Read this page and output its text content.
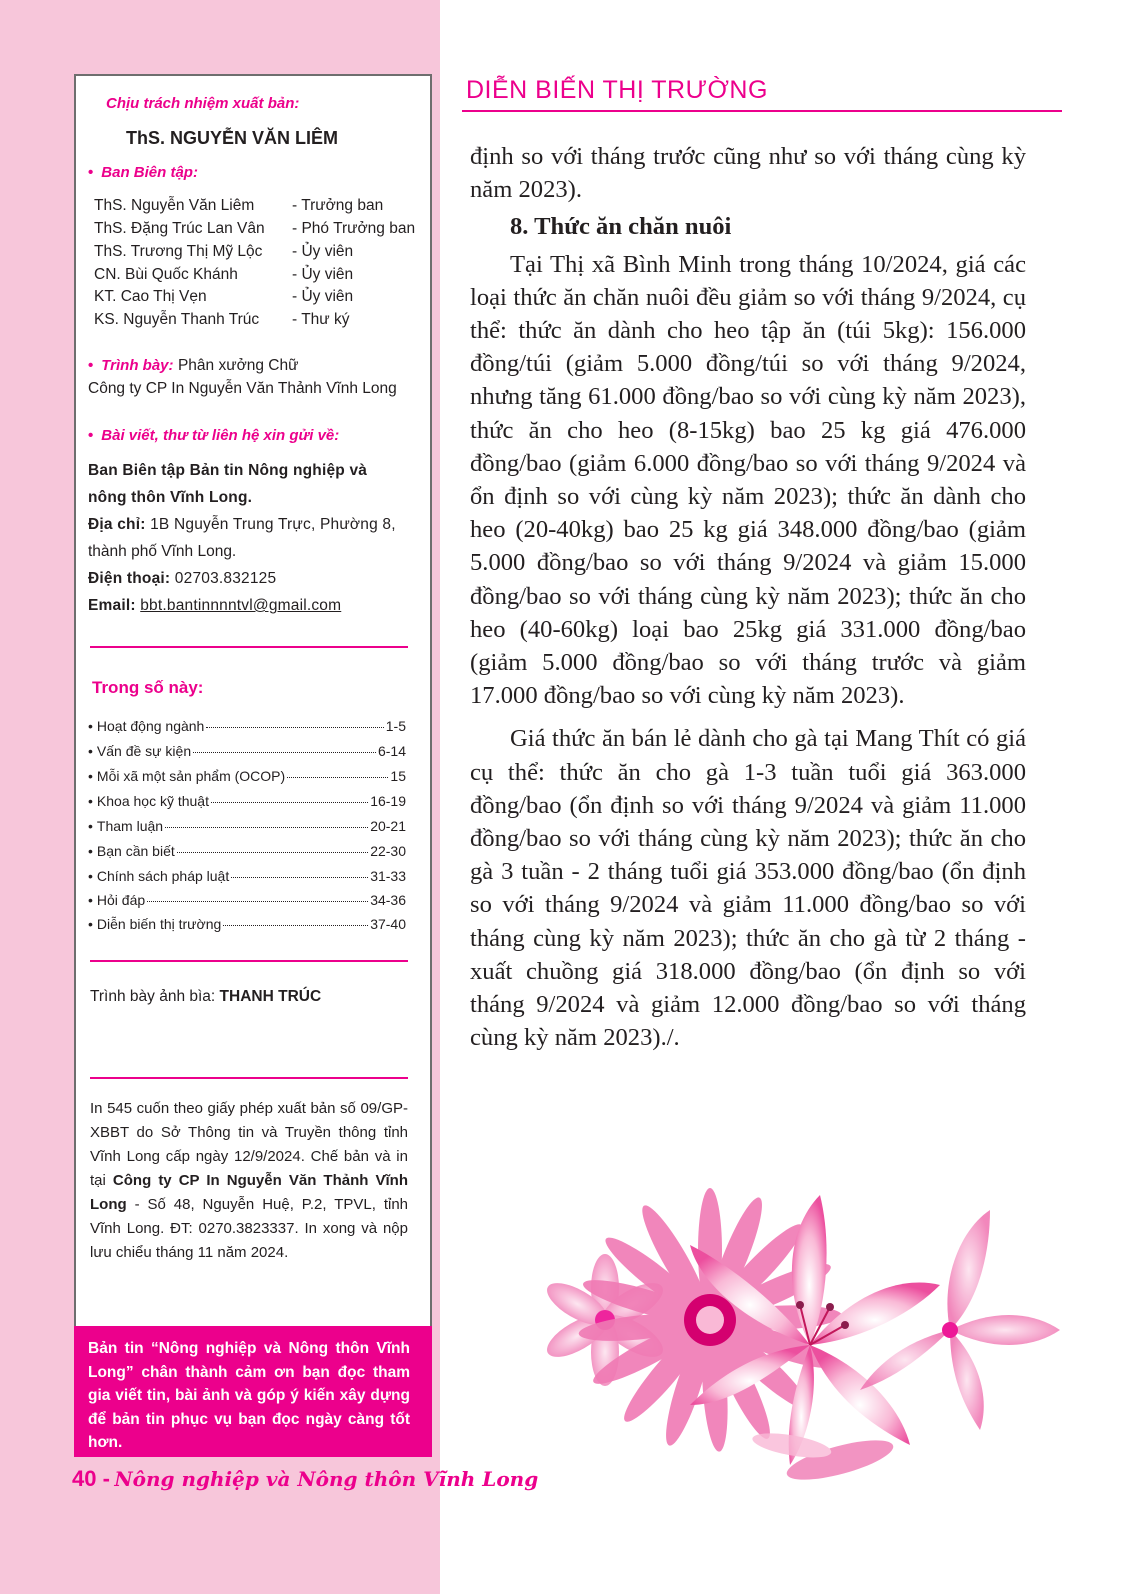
Chịu trách nhiệm xuất bản:
ThS. NGUYỄN VĂN LIÊM
• Ban Biên tập:
ThS. Nguyễn Văn Liêm - Trưởng ban
ThS. Đặng Trúc Lan Vân - Phó Trưởng ban
ThS. Trương Thị Mỹ Lộc - Ủy viên
CN. Bùi Quốc Khánh	- Ủy viên
KT. Cao Thị Vẹn	- Ủy viên
KS. Nguyễn Thanh Trúc - Thư ký
• Trình bày: Phân xưởng Chữ
Công ty CP In Nguyễn Văn Thảnh Vĩnh Long
• Bài viết, thư từ liên hệ xin gửi về:
Ban Biên tập Bản tin Nông nghiệp và
nông thôn Vĩnh Long.
Địa chỉ: 1B Nguyễn Trung Trực, Phường 8,
thành phố Vĩnh Long.
Điện thoại: 02703.832125
Email: bbt.bantinnnntvl@gmail.com
Trong số này:
• Hoạt động ngành	1-5
• Vấn đề sự kiện	6-14
• Mỗi xã một sản phẩm (OCOP)	15
• Khoa học kỹ thuật	16-19
• Tham luận	20-21
• Bạn cần biết	22-30
• Chính sách pháp luật	31-33
• Hỏi đáp	34-36
• Diễn biến thị trường	37-40
Trình bày ảnh bìa: THANH TRÚC
In 545 cuốn theo giấy phép xuất bản số 09/GP-XBBT do Sở Thông tin và Truyền thông tỉnh Vĩnh Long cấp ngày 12/9/2024. Chế bản và in tại Công ty CP In Nguyễn Văn Thảnh Vĩnh Long - Số 48, Nguyễn Huệ, P.2, TPVL, tỉnh Vĩnh Long. ĐT: 0270.3823337. In xong và nộp lưu chiểu tháng 11 năm 2024.
Bản tin “Nông nghiệp và Nông thôn Vĩnh Long” chân thành cảm ơn bạn đọc tham gia viết tin, bài ảnh và góp ý kiến xây dựng để bản tin phục vụ bạn đọc ngày càng tốt hơn.
DIỄN BIẾN THỊ TRƯỜNG

định so với tháng trước cũng như so với tháng cùng kỳ năm 2023).

8. Thức ăn chăn nuôi

Tại Thị xã Bình Minh trong tháng 10/2024, giá các loại thức ăn chăn nuôi đều giảm so với tháng 9/2024, cụ thể: thức ăn dành cho heo tập ăn (túi 5kg): 156.000 đồng/túi (giảm 5.000 đồng/túi so với tháng 9/2024, nhưng tăng 61.000 đồng/bao so với cùng kỳ năm 2023), thức ăn cho heo (8-15kg) bao 25 kg giá 476.000 đồng/bao (giảm 6.000 đồng/bao so với tháng 9/2024 và ổn định so với cùng kỳ năm 2023); thức ăn dành cho heo (20-40kg) bao 25 kg giá 348.000 đồng/bao (giảm 5.000 đồng/bao so với tháng 9/2024 và giảm 15.000 đồng/bao so với tháng cùng kỳ năm 2023); thức ăn cho heo (40-60kg) loại bao 25kg giá 331.000 đồng/bao (giảm 5.000 đồng/bao so với tháng trước và giảm 17.000 đồng/bao so với cùng kỳ năm 2023).

Giá thức ăn bán lẻ dành cho gà tại Mang Thít có giá cụ thể: thức ăn cho gà 1-3 tuần tuổi giá 363.000 đồng/bao (ổn định so với tháng 9/2024 và giảm 11.000 đồng/bao so với tháng cùng kỳ năm 2023); thức ăn cho gà 3 tuần - 2 tháng tuổi giá 353.000 đồng/bao (ổn định so với tháng 9/2024 và giảm 11.000 đồng/bao so với tháng cùng kỳ năm 2023); thức ăn cho gà từ 2 tháng - xuất chuồng giá 318.000 đồng/bao (ổn định so với tháng 9/2024 và giảm 12.000 đồng/bao so với tháng cùng kỳ năm 2023)./.

40 - Nông nghiệp và Nông thôn Vĩnh Long
